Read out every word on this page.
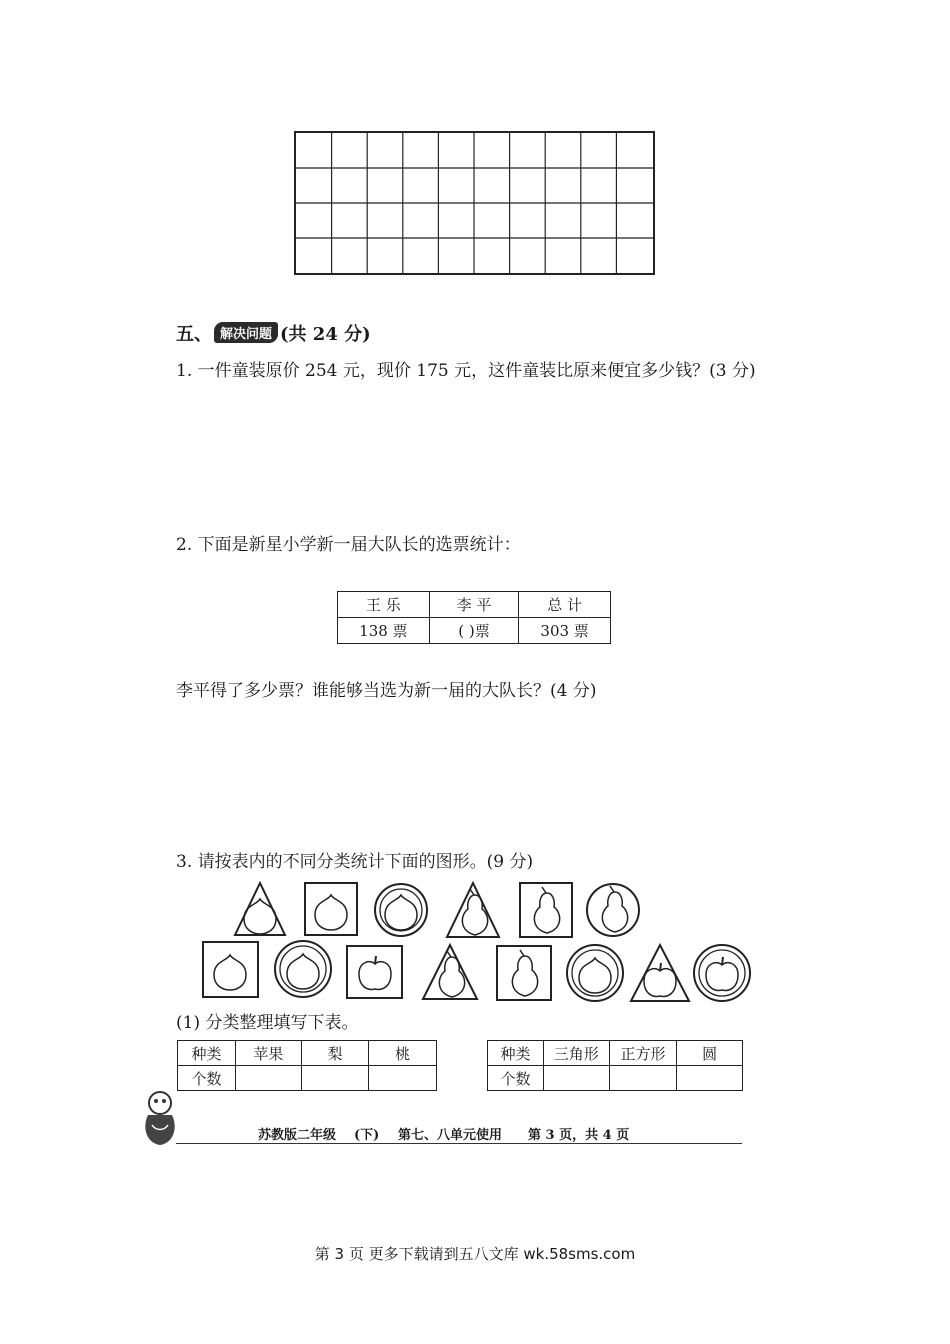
五、 解决问题 (共 24 分)
1. 一件童装原价 254 元，现价 175 元，这件童装比原来便宜多少钱？(3 分)
2. 下面是新星小学新一届大队长的选票统计：
王 乐	李 平	总 计
138 票	( )票	303 票
李平得了多少票？谁能够当选为新一届的大队长？(4 分)
3. 请按表内的不同分类统计下面的图形。(9 分)
(1) 分类整理填写下表。
种类	苹果	梨	桃
个数			
种类	三角形	正方形	圆
个数			
苏教版二年级 (下) 第七、八单元使用 第 3 页，共 4 页
第 3 页 更多下载请到五八文库 wk.58sms.com
